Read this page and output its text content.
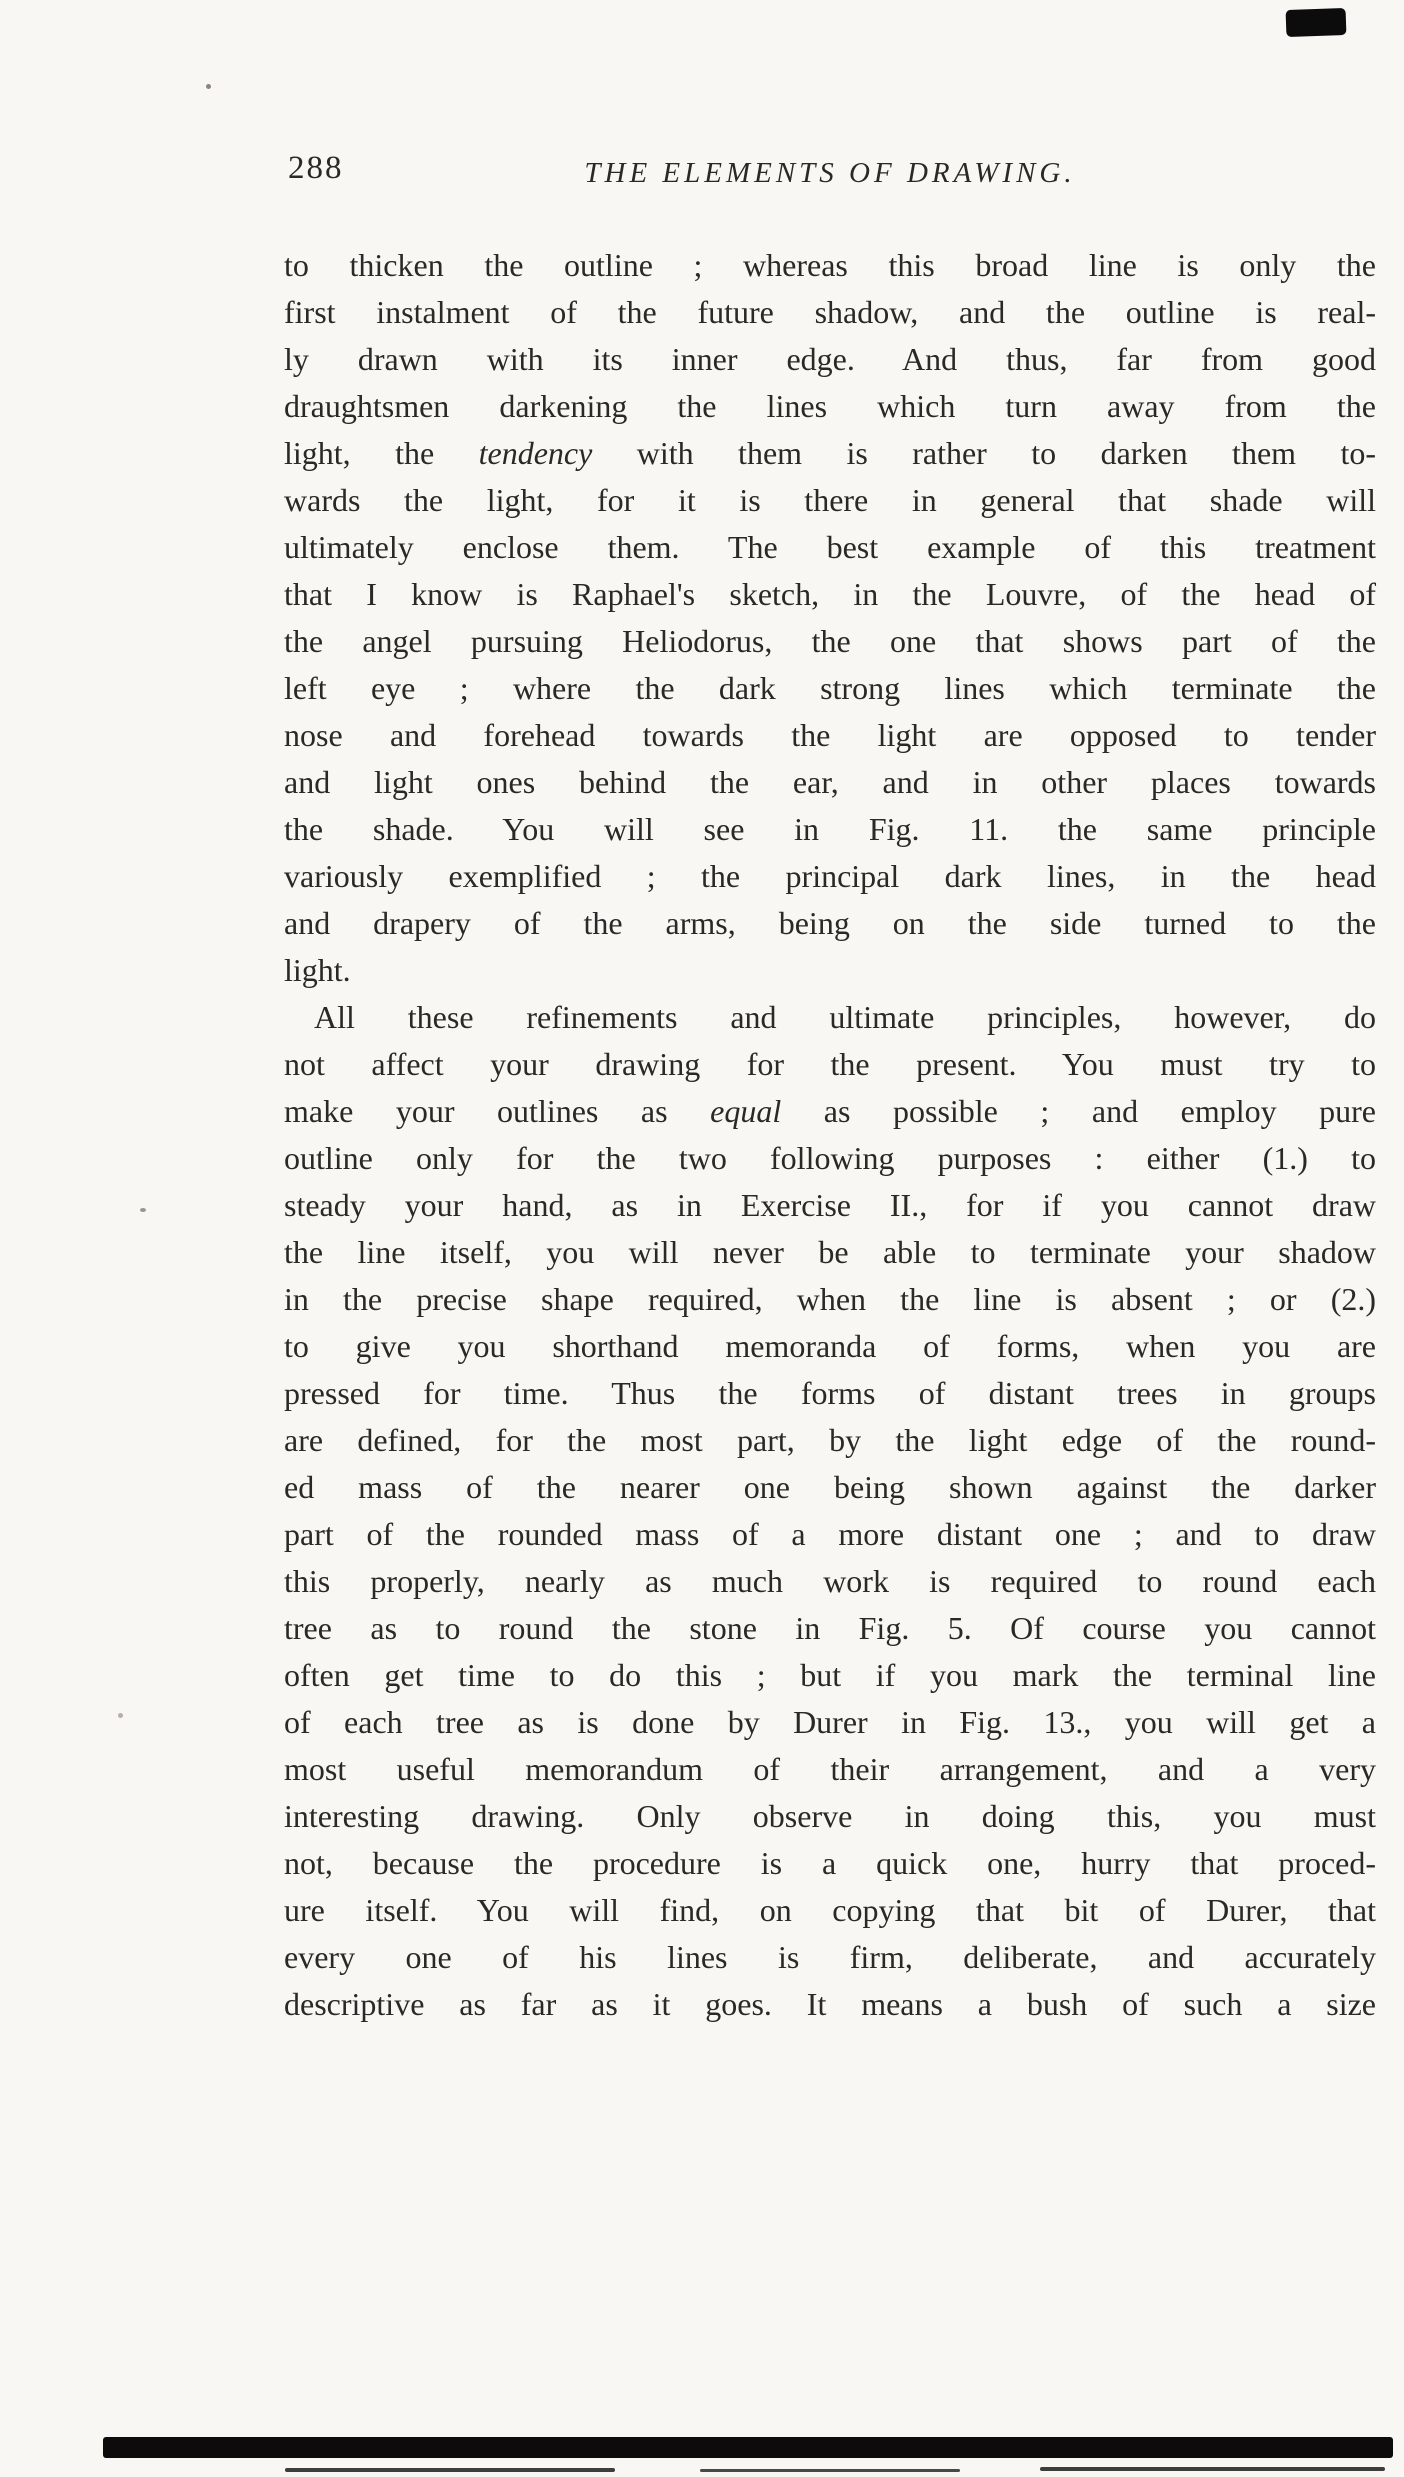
288	THE ELEMENTS OF DRAWING.
to thicken the outline ; whereas this broad line is only the
first instalment of the future shadow, and the outline is real-
ly drawn with its inner edge. And thus, far from good
draughtsmen darkening the lines which turn away from the
light, the tendency with them is rather to darken them to-
wards the light, for it is there in general that shade will
ultimately enclose them. The best example of this treatment
that I know is Raphael's sketch, in the Louvre, of the head of
the angel pursuing Heliodorus, the one that shows part of the
left eye ; where the dark strong lines which terminate the
nose and forehead towards the light are opposed to tender
and light ones behind the ear, and in other places towards
the shade. You will see in Fig. 11. the same principle
variously exemplified ; the principal dark lines, in the head
and drapery of the arms, being on the side turned to the
light.
All these refinements and ultimate principles, however, do
not affect your drawing for the present. You must try to
make your outlines as equal as possible ; and employ pure
outline only for the two following purposes : either (1.) to
steady your hand, as in Exercise II., for if you cannot draw
the line itself, you will never be able to terminate your shadow
in the precise shape required, when the line is absent ; or (2.)
to give you shorthand memoranda of forms, when you are
pressed for time. Thus the forms of distant trees in groups
are defined, for the most part, by the light edge of the round-
ed mass of the nearer one being shown against the darker
part of the rounded mass of a more distant one ; and to draw
this properly, nearly as much work is required to round each
tree as to round the stone in Fig. 5. Of course you cannot
often get time to do this ; but if you mark the terminal line
of each tree as is done by Durer in Fig. 13., you will get a
most useful memorandum of their arrangement, and a very
interesting drawing. Only observe in doing this, you must
not, because the procedure is a quick one, hurry that proced-
ure itself. You will find, on copying that bit of Durer, that
every one of his lines is firm, deliberate, and accurately
descriptive as far as it goes. It means a bush of such a size
